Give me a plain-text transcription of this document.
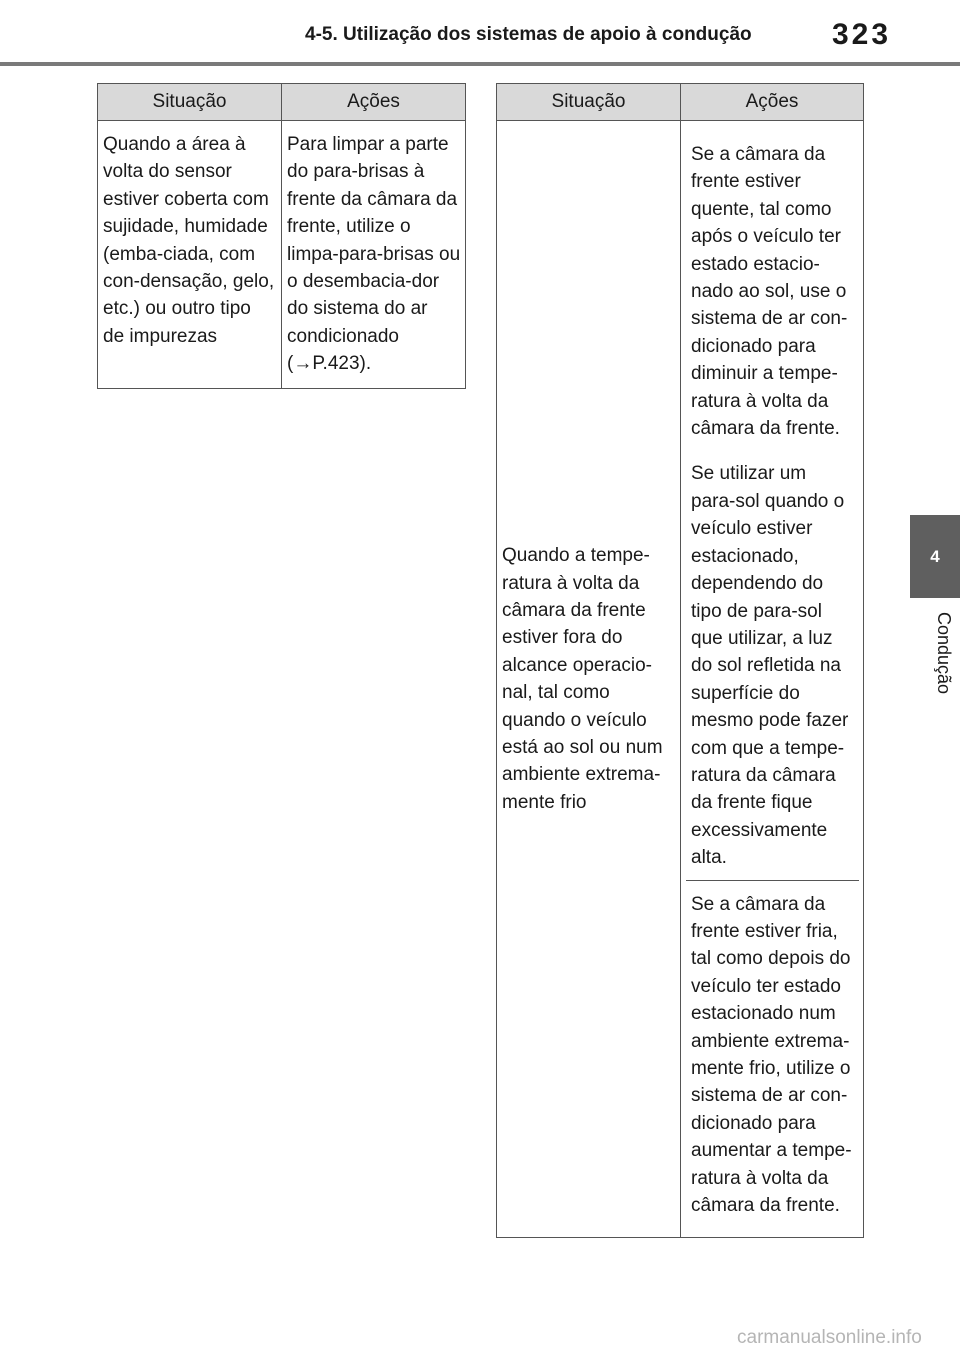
4-5. Utilização dos sistemas de apoio à condução	323
4
Condução
Situação	Ações
Quando a área à volta do sensor estiver coberta com sujidade, humidade (emba-ciada, com con-densação, gelo, etc.) ou outro tipo de impurezas	Para limpar a parte do para-brisas à frente da câmara da frente, utilize o limpa-para-brisas ou o desembacia-dor do sistema do ar condicionado (→P.423).
Situação	Ações
Quando a tempe-ratura à volta da câmara da frente estiver fora do alcance operacio-nal, tal como quando o veículo está ao sol ou num ambiente extrema-mente frio	Se a câmara da frente estiver quente, tal como após o veículo ter estado estacio-nado ao sol, use o sistema de ar con-dicionado para diminuir a tempe-ratura à volta da câmara da frente.
Se utilizar um para-sol quando o veículo estiver estacionado, dependendo do tipo de para-sol que utilizar, a luz do sol refletida na superfície do mesmo pode fazer com que a tempe-ratura da câmara da frente fique excessivamente alta.
Se a câmara da frente estiver fria, tal como depois do veículo ter estado estacionado num ambiente extrema-mente frio, utilize o sistema de ar con-dicionado para aumentar a tempe-ratura à volta da câmara da frente.
carmanualsonline.info
